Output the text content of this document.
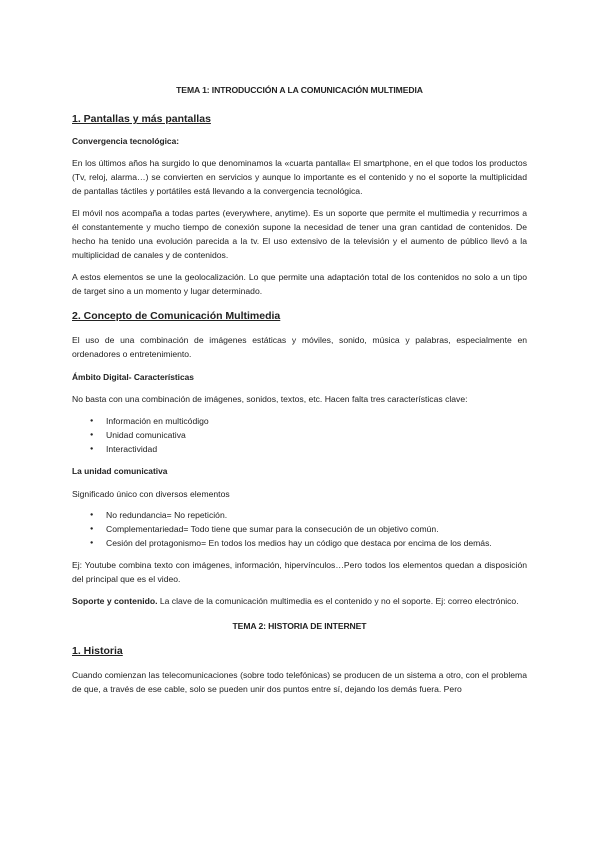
TEMA 1: INTRODUCCIÓN A LA COMUNICACIÓN MULTIMEDIA

1. Pantallas y más pantallas
Convergencia tecnológica:

En los últimos años ha surgido lo que denominamos la «cuarta pantalla« El smartphone, en el que todos los productos (Tv, reloj, alarma…) se convierten en servicios y aunque lo importante es el contenido y no el soporte la multiplicidad de pantallas táctiles y portátiles está llevando a la convergencia tecnológica.

El móvil nos acompaña a todas partes (everywhere, anytime). Es un soporte que permite el multimedia y recurrimos a él constantemente y mucho tiempo de conexión supone la necesidad de tener una gran cantidad de contenidos. De hecho ha tenido una evolución parecida a la tv. El uso extensivo de la televisión y el aumento de público llevó a la multiplicidad de canales y de contenidos.

A estos elementos se une la geolocalización. Lo que permite una adaptación total de los contenidos no solo a un tipo de target sino a un momento y lugar determinado.

2. Concepto de Comunicación Multimedia

El uso de una combinación de imágenes estáticas y móviles, sonido, música y palabras, especialmente en ordenadores o entretenimiento.

Ámbito Digital- Características

No basta con una combinación de imágenes, sonidos, textos, etc. Hacen falta tres características clave:

● Información en multicódigo
● Unidad comunicativa
● Interactividad
La unidad comunicativa

Significado único con diversos elementos

● No redundancia= No repetición.
● Complementariedad= Todo tiene que sumar para la consecución de un objetivo común.
● Cesión del protagonismo= En todos los medios hay un código que destaca por encima de los demás.

Ej: Youtube combina texto con imágenes, información, hipervínculos…Pero todos los elementos quedan a disposición del principal que es el video.

Soporte y contenido. La clave de la comunicación multimedia es el contenido y no el soporte. Ej: correo electrónico.

TEMA 2: HISTORIA DE INTERNET

1. Historia

Cuando comienzan las telecomunicaciones (sobre todo telefónicas) se producen de un sistema a otro, con el problema de que, a través de ese cable, solo se pueden unir dos puntos entre sí, dejando los demás fuera. Pero
